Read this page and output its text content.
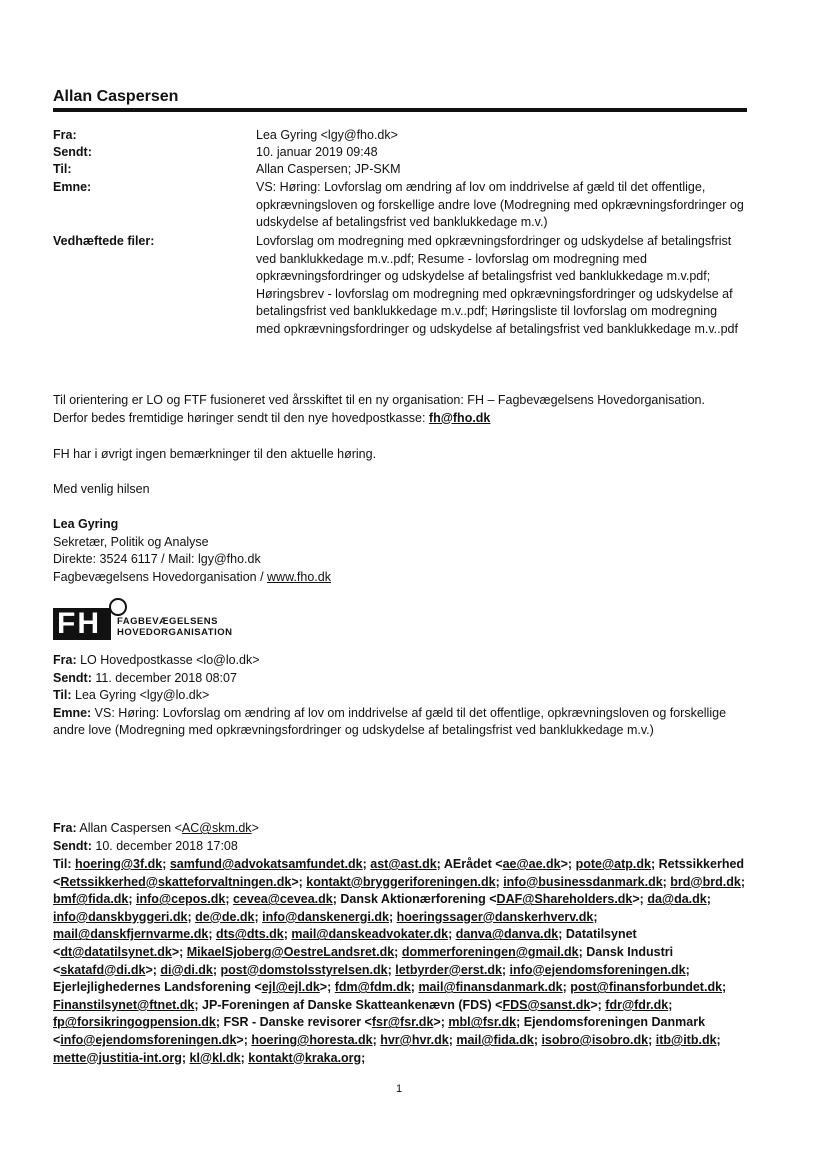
Allan Caspersen
Fra:	Lea Gyring <lgy@fho.dk>
Sendt:	10. januar 2019 09:48
Til:	Allan Caspersen; JP-SKM
Emne:	VS: Høring: Lovforslag om ændring af lov om inddrivelse af gæld til det offentlige, opkrævningsloven og forskellige andre love (Modregning med opkrævningsfordringer og udskydelse af betalingsfrist ved banklukkedage m.v.)
Vedhæftede filer:	Lovforslag om modregning med opkrævningsfordringer og udskydelse af betalingsfrist ved banklukkedage m.v..pdf; Resume - lovforslag om modregning med opkrævningsfordringer og udskydelse af betalingsfrist ved banklukkedage m.v.pdf; Høringsbrev - lovforslag om modregning med opkrævningsfordringer og udskydelse af betalingsfrist ved banklukkedage m.v..pdf; Høringsliste til lovforslag om modregning med opkrævningsfordringer og udskydelse af betalingsfrist ved banklukkedage m.v..pdf
Til orientering er LO og FTF fusioneret ved årsskiftet til en ny organisation: FH – Fagbevægelsens Hovedorganisation.
Derfor bedes fremtidige høringer sendt til den nye hovedpostkasse: fh@fho.dk
FH har i øvrigt ingen bemærkninger til den aktuelle høring.
Med venlig hilsen
Lea Gyring
Sekretær, Politik og Analyse
Direkte: 3524 6117 / Mail: lgy@fho.dk
Fagbevægelsens Hovedorganisation / www.fho.dk
FH FAGBEVÆGELSENS
HOVEDORGANISATION
Fra: LO Hovedpostkasse <lo@lo.dk>
Sendt: 11. december 2018 08:07
Til: Lea Gyring <lgy@lo.dk>
Emne: VS: Høring: Lovforslag om ændring af lov om inddrivelse af gæld til det offentlige, opkrævningsloven og forskellige andre love (Modregning med opkrævningsfordringer og udskydelse af betalingsfrist ved banklukkedage m.v.)
Fra: Allan Caspersen <AC@skm.dk>
Sendt: 10. december 2018 17:08
Til: hoering@3f.dk; samfund@advokatsamfundet.dk; ast@ast.dk; AErådet <ae@ae.dk>; pote@atp.dk; Retssikkerhed <Retssikkerhed@skatteforvaltningen.dk>; kontakt@bryggeriforeningen.dk; info@businessdanmark.dk; brd@brd.dk; bmf@fida.dk; info@cepos.dk; cevea@cevea.dk; Dansk Aktionærforening <DAF@Shareholders.dk>; da@da.dk; info@danskbyggeri.dk; de@de.dk; info@danskenergi.dk; hoeringssager@danskerhverv.dk; mail@danskfjernvarme.dk; dts@dts.dk; mail@danskeadvokater.dk; danva@danva.dk; Datatilsynet <dt@datatilsynet.dk>; MikaelSjoberg@OestreLandsret.dk; dommerforeningen@gmail.dk; Dansk Industri <skatafd@di.dk>; di@di.dk; post@domstolsstyrelsen.dk; letbyrder@erst.dk; info@ejendomsforeningen.dk; Ejerlejlighedernes Landsforening <ejl@ejl.dk>; fdm@fdm.dk; mail@finansdanmark.dk; post@finansforbundet.dk; Finanstilsynet@ftnet.dk; JP-Foreningen af Danske Skatteankenævn (FDS) <FDS@sanst.dk>; fdr@fdr.dk; fp@forsikringogpension.dk; FSR - Danske revisorer <fsr@fsr.dk>; mbl@fsr.dk; Ejendomsforeningen Danmark <info@ejendomsforeningen.dk>; hoering@horesta.dk; hvr@hvr.dk; mail@fida.dk; isobro@isobro.dk; itb@itb.dk; mette@justitia-int.org; kl@kl.dk; kontakt@kraka.org;
1
